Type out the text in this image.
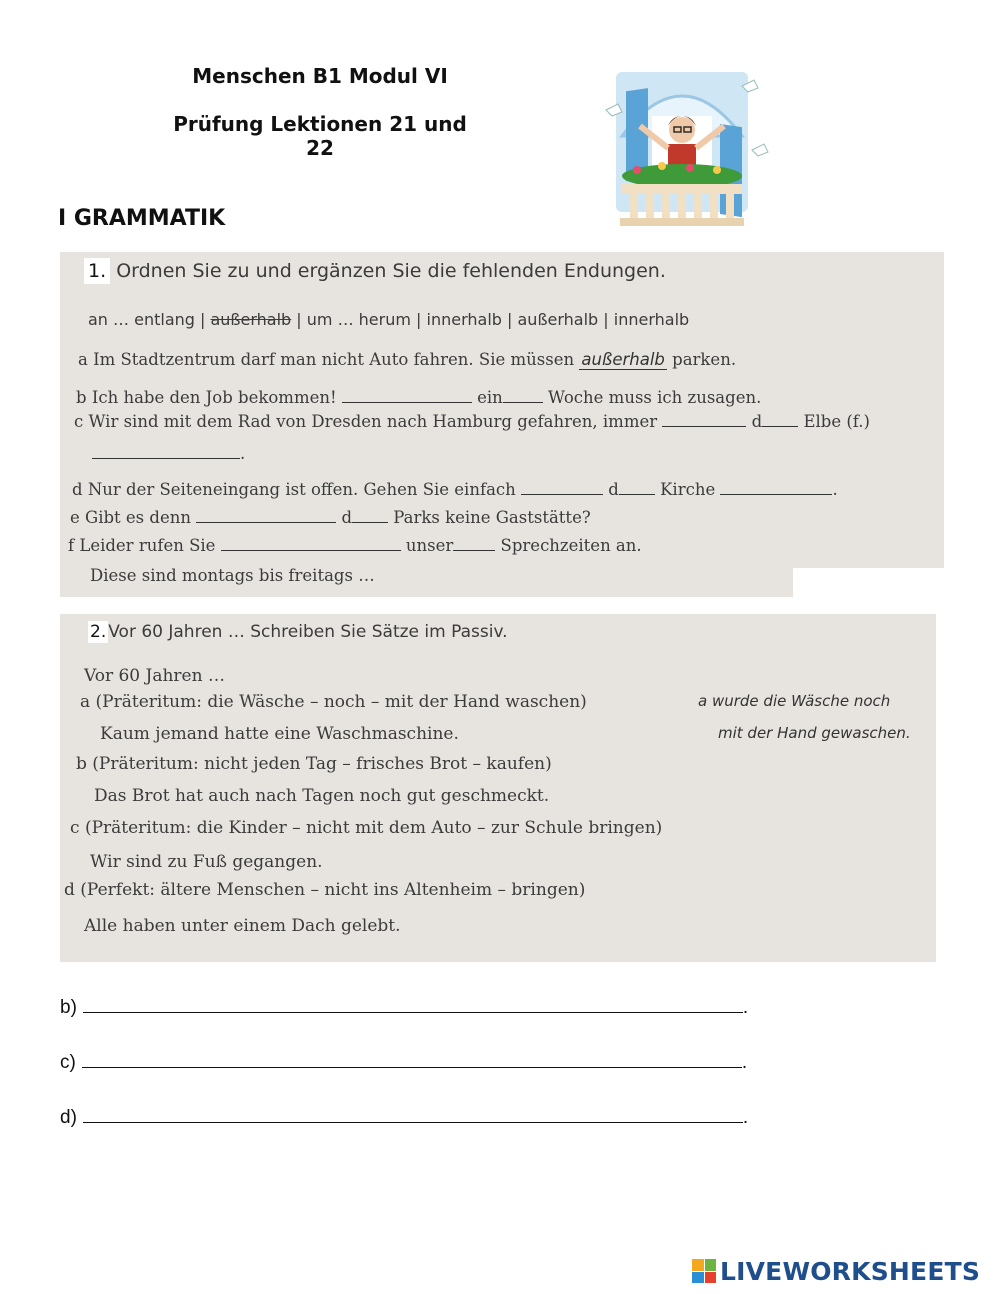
Menschen B1 Modul VI
Prüfung Lektionen 21 und 22
I GRAMMATIK
1. Ordnen Sie zu und ergänzen Sie die fehlenden Endungen.
an … entlang | außerhalb | um … herum | innerhalb | außerhalb | innerhalb
a Im Stadtzentrum darf man nicht Auto fahren. Sie müssen außerhalb parken.
b Ich habe den Job bekommen!	ein	Woche muss ich zusagen.
c Wir sind mit dem Rad von Dresden nach Hamburg gefahren, immer	d	Elbe (f.)
.
d Nur der Seiteneingang ist offen. Gehen Sie einfach	d	Kirche	.
e Gibt es denn	d	Parks keine Gaststätte?
f Leider rufen Sie	unser	Sprechzeiten an.
Diese sind montags bis freitags …
2. Vor 60 Jahren … Schreiben Sie Sätze im Passiv.
Vor 60 Jahren …
a (Präteritum: die Wäsche – noch – mit der Hand waschen)
Kaum jemand hatte eine Waschmaschine.
a wurde die Wäsche noch
mit der Hand gewaschen.
b (Präteritum: nicht jeden Tag – frisches Brot – kaufen)
Das Brot hat auch nach Tagen noch gut geschmeckt.
c (Präteritum: die Kinder – nicht mit dem Auto – zur Schule bringen)
Wir sind zu Fuß gegangen.
d (Perfekt: ältere Menschen – nicht ins Altenheim – bringen)
Alle haben unter einem Dach gelebt.
b)	.
c)	.
d)	.
LIVEWORKSHEETS
